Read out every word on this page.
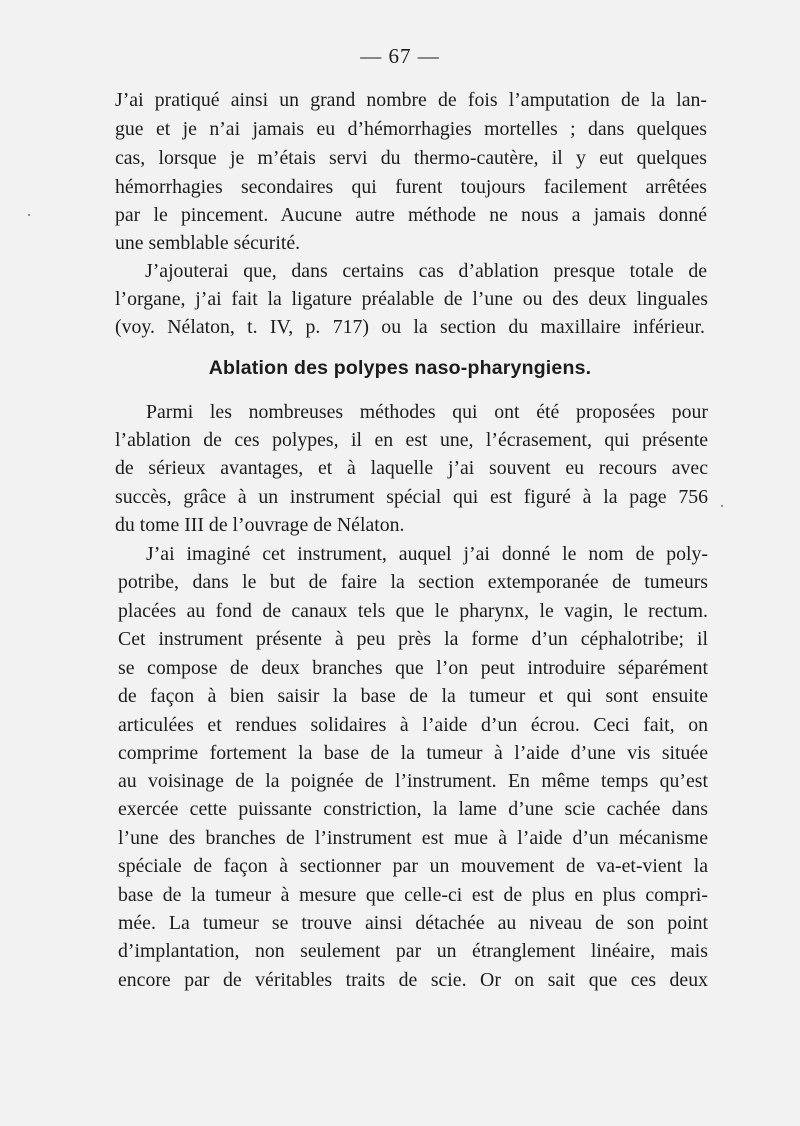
— 67 —
J’ai pratiqué ainsi un grand nombre de fois l’amputation de la lan-
gue et je n’ai jamais eu d’hémorrhagies mortelles ; dans quelques
cas, lorsque je m’étais servi du thermo-cautère, il y eut quelques
hémorrhagies secondaires qui furent toujours facilement arrêtées
par le pincement. Aucune autre méthode ne nous a jamais donné
une semblable sécurité.
J’ajouterai que, dans certains cas d’ablation presque totale de
l’organe, j’ai fait la ligature préalable de l’une ou des deux linguales
(voy. Nélaton, t. IV, p. 717) ou la section du maxillaire inférieur.
Ablation des polypes naso-pharyngiens.
Parmi les nombreuses méthodes qui ont été proposées pour
l’ablation de ces polypes, il en est une, l’écrasement, qui présente
de sérieux avantages, et à laquelle j’ai souvent eu recours avec
succès, grâce à un instrument spécial qui est figuré à la page 756
du tome III de l’ouvrage de Nélaton.
J’ai imaginé cet instrument, auquel j’ai donné le nom de poly-
potribe, dans le but de faire la section extemporanée de tumeurs
placées au fond de canaux tels que le pharynx, le vagin, le rectum.
Cet instrument présente à peu près la forme d’un céphalotribe; il
se compose de deux branches que l’on peut introduire séparément
de façon à bien saisir la base de la tumeur et qui sont ensuite
articulées et rendues solidaires à l’aide d’un écrou. Ceci fait, on
comprime fortement la base de la tumeur à l’aide d’une vis située
au voisinage de la poignée de l’instrument. En même temps qu’est
exercée cette puissante constriction, la lame d’une scie cachée dans
l’une des branches de l’instrument est mue à l’aide d’un mécanisme
spéciale de façon à sectionner par un mouvement de va-et-vient la
base de la tumeur à mesure que celle-ci est de plus en plus compri-
mée. La tumeur se trouve ainsi détachée au niveau de son point
d’implantation, non seulement par un étranglement linéaire, mais
encore par de véritables traits de scie. Or on sait que ces deux
